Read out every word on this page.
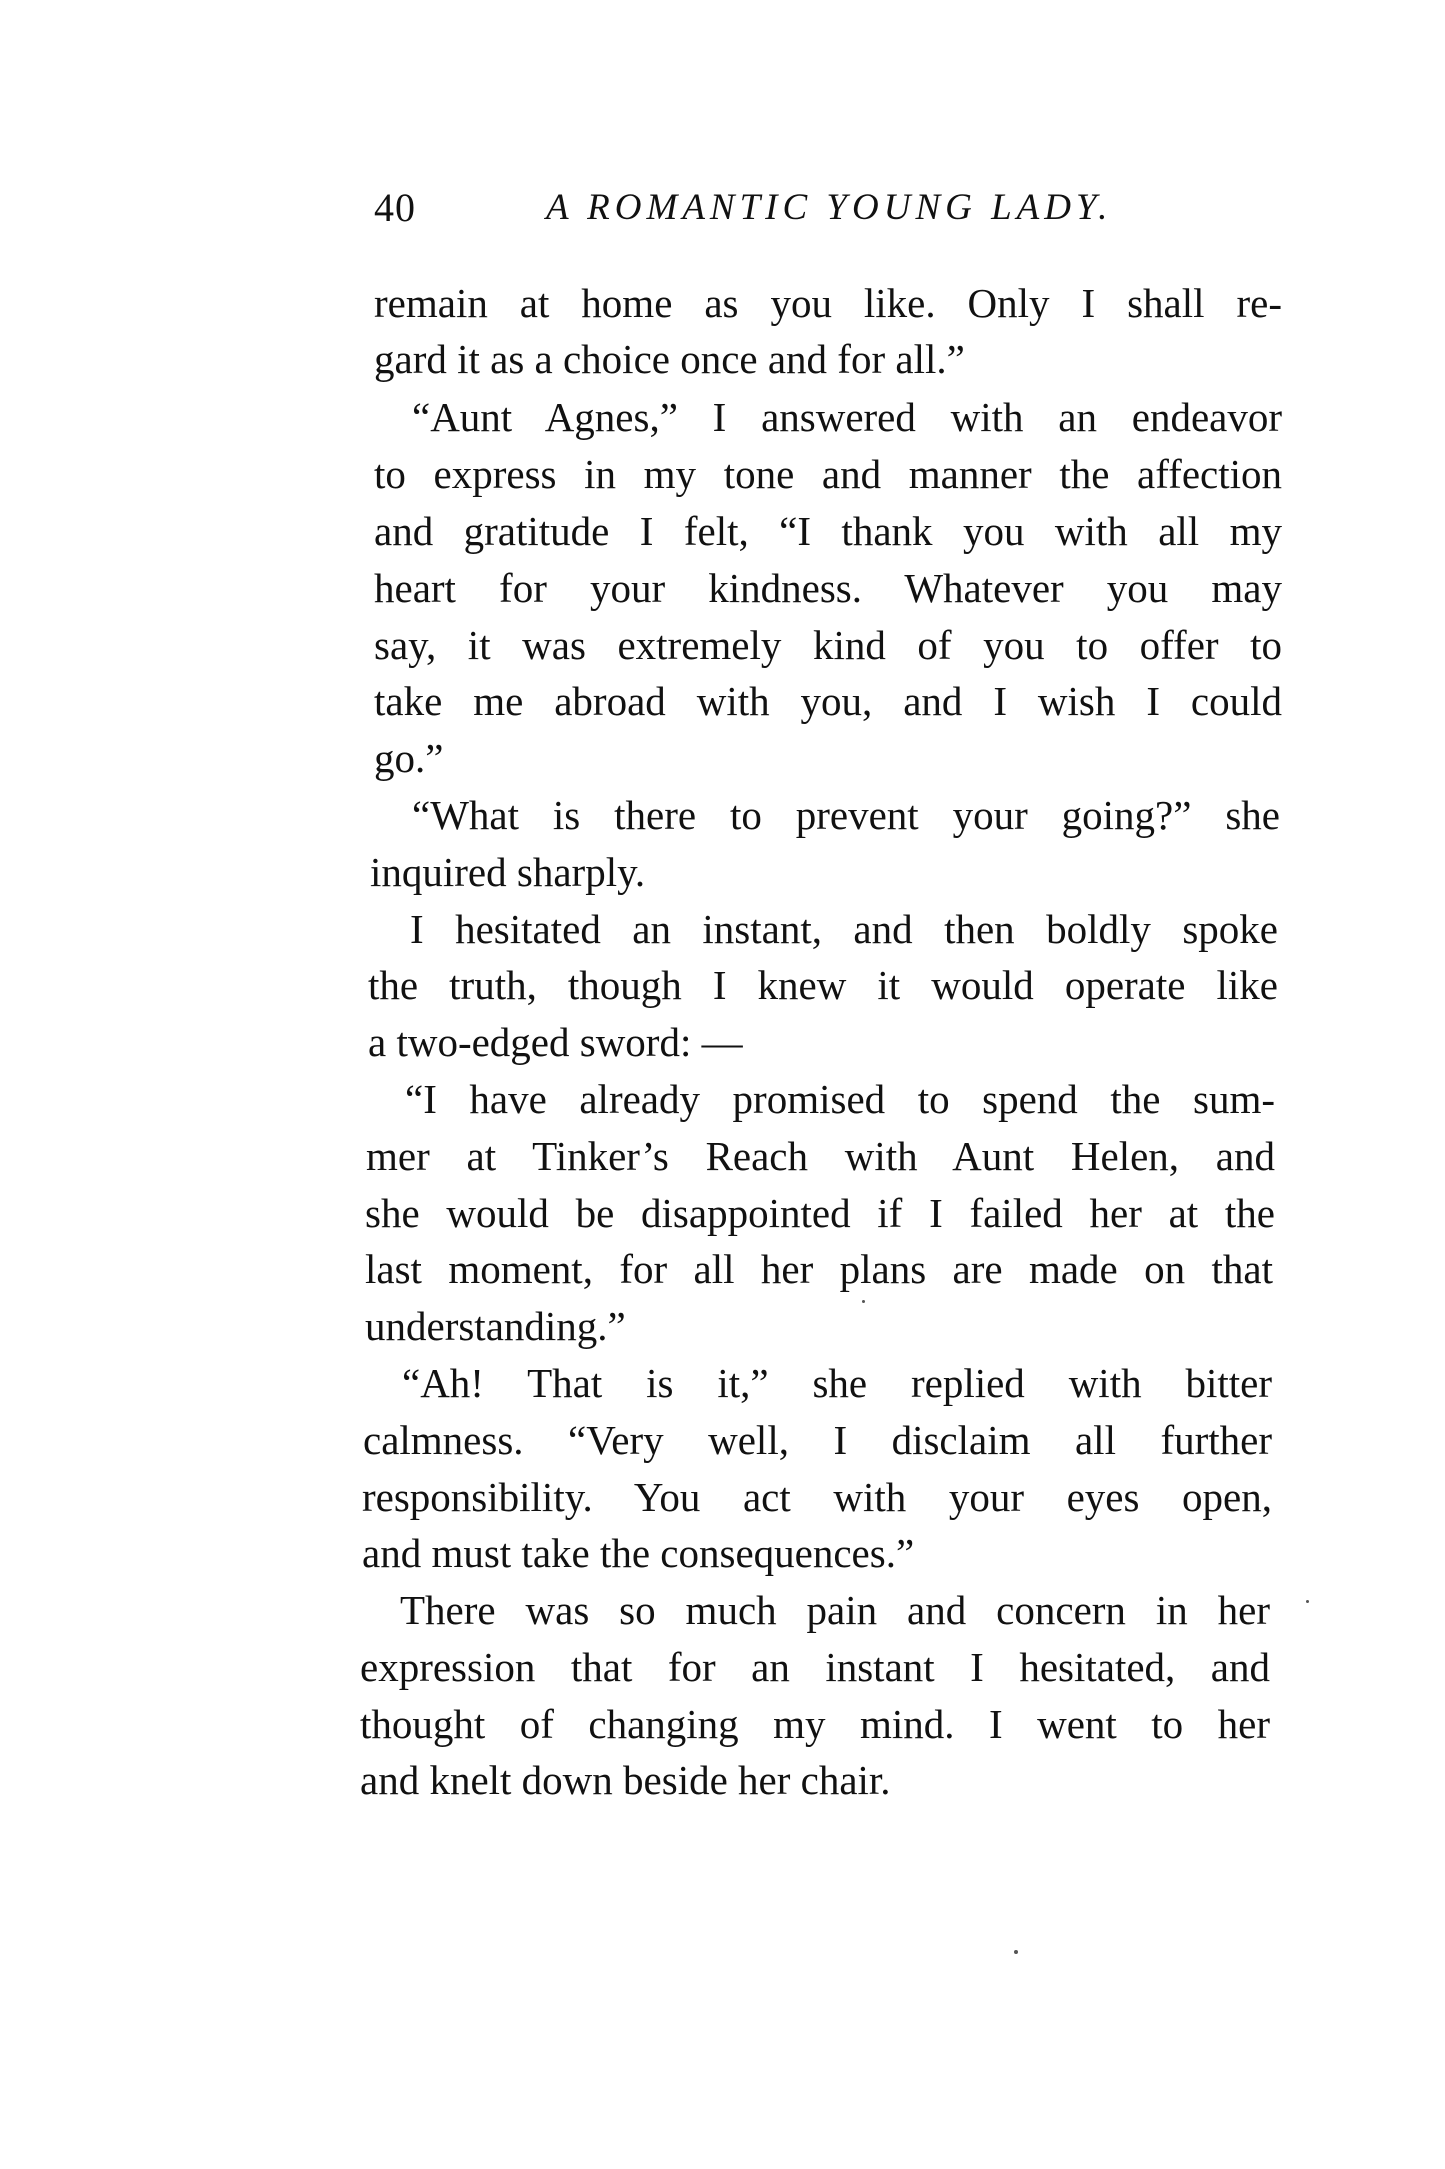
40	A ROMANTIC YOUNG LADY.
remain at home as you like. Only I shall re-
gard it as a choice once and for all.”
“Aunt Agnes,” I answered with an endeavor
to express in my tone and manner the affection
and gratitude I felt, “I thank you with all my
heart for your kindness. Whatever you may
say, it was extremely kind of you to offer to
take me abroad with you, and I wish I could
go.”
“What is there to prevent your going?” she
inquired sharply.
I hesitated an instant, and then boldly spoke
the truth, though I knew it would operate like
a two-edged sword: —
“I have already promised to spend the sum-
mer at Tinker’s Reach with Aunt Helen, and
she would be disappointed if I failed her at the
last moment, for all her plans are made on that
understanding.”
“Ah! That is it,” she replied with bitter
calmness. “Very well, I disclaim all further
responsibility. You act with your eyes open,
and must take the consequences.”
There was so much pain and concern in her
expression that for an instant I hesitated, and
thought of changing my mind. I went to her
and knelt down beside her chair.
